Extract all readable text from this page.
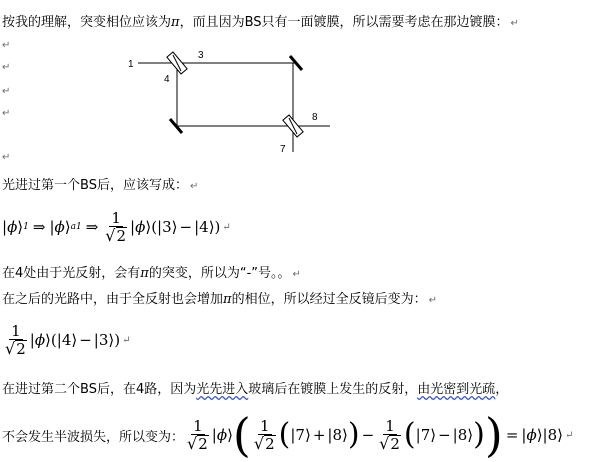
按我的理解，突变相位应该为π，而且因为BS只有一面镀膜，所以需要考虑在那边镀膜： ↵
↵
↵
↵
↵
↵
1
3
4
8
7
光进过第一个BS后，应该写成： ↵
| ϕ ⟩ 1 ⇒ | ϕ ⟩ a1 ⇒ $\frac{1}{√ 2}$ | ϕ ⟩ (| 3 ⟩ − | 4 ⟩) ↵
在4处由于光反射，会有π的突变，所以为“-”号。。 ↵
在之后的光路中，由于全反射也会增加π的相位，所以经过全反镜后变为： ↵
$\frac{1}{√ 2}$ | ϕ ⟩ (| 4 ⟩ − | 3 ⟩) ↵
在进过第二个BS后，在4路，因为光先进入玻璃后在镀膜上发生的反射，由光密到光疏，
不会发生半波损失，所以变为： $\frac{1}{√ 2}$ | ϕ ⟩ ( $\frac{1}{√ 2}$ ( | 7 ⟩ + | 8 ⟩ ) − $\frac{1}{√ 2}$ ( | 7 ⟩ − | 8 ⟩ ) ) = | ϕ ⟩| 8 ⟩ ↵
